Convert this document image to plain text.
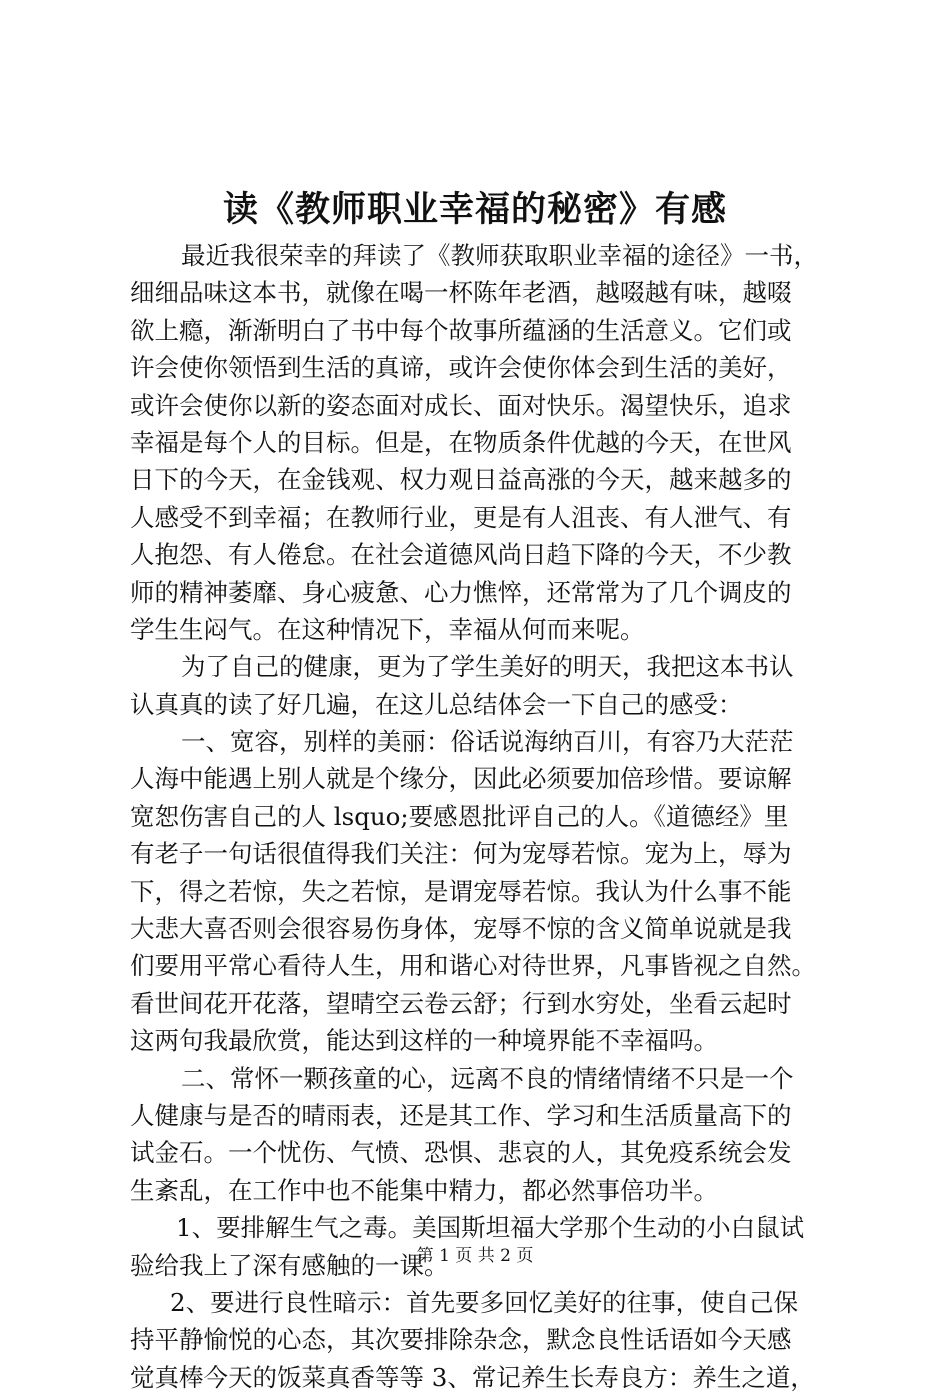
读《教师职业幸福的秘密》有感
最近我很荣幸的拜读了《教师获取职业幸福的途径》一书，
细细品味这本书，就像在喝一杯陈年老酒，越啜越有味，越啜
欲上瘾，渐渐明白了书中每个故事所蕴涵的生活意义。它们或
许会使你领悟到生活的真谛，或许会使你体会到生活的美好，
或许会使你以新的姿态面对成长、面对快乐。渴望快乐，追求
幸福是每个人的目标。但是，在物质条件优越的今天，在世风
日下的今天，在金钱观、权力观日益高涨的今天，越来越多的
人感受不到幸福；在教师行业，更是有人沮丧、有人泄气、有
人抱怨、有人倦怠。在社会道德风尚日趋下降的今天，不少教
师的精神萎靡、身心疲惫、心力憔悴，还常常为了几个调皮的
学生生闷气。在这种情况下，幸福从何而来呢。
为了自己的健康，更为了学生美好的明天，我把这本书认
认真真的读了好几遍，在这儿总结体会一下自己的感受：
一、宽容，别样的美丽：俗话说海纳百川，有容乃大茫茫
人海中能遇上别人就是个缘分，因此必须要加倍珍惜。要谅解
宽恕伤害自己的人 lsquo;要感恩批评自己的人。《道德经》里
有老子一句话很值得我们关注：何为宠辱若惊。宠为上，辱为
下，得之若惊，失之若惊，是谓宠辱若惊。我认为什么事不能
大悲大喜否则会很容易伤身体，宠辱不惊的含义简单说就是我
们要用平常心看待人生，用和谐心对待世界，凡事皆视之自然。
看世间花开花落，望晴空云卷云舒；行到水穷处，坐看云起时
这两句我最欣赏，能达到这样的一种境界能不幸福吗。
二、常怀一颗孩童的心，远离不良的情绪情绪不只是一个
人健康与是否的晴雨表，还是其工作、学习和生活质量高下的
试金石。一个忧伤、气愤、恐惧、悲哀的人，其免疫系统会发
生紊乱，在工作中也不能集中精力，都必然事倍功半。
1、要排解生气之毒。美国斯坦福大学那个生动的小白鼠试
验给我上了深有感触的一课。
2、要进行良性暗示：首先要多回忆美好的往事，使自己保
持平静愉悦的心态，其次要排除杂念，默念良性话语如今天感
觉真棒今天的饭菜真香等等 3、常记养生长寿良方：养生之道，
第 1 页 共 2 页
